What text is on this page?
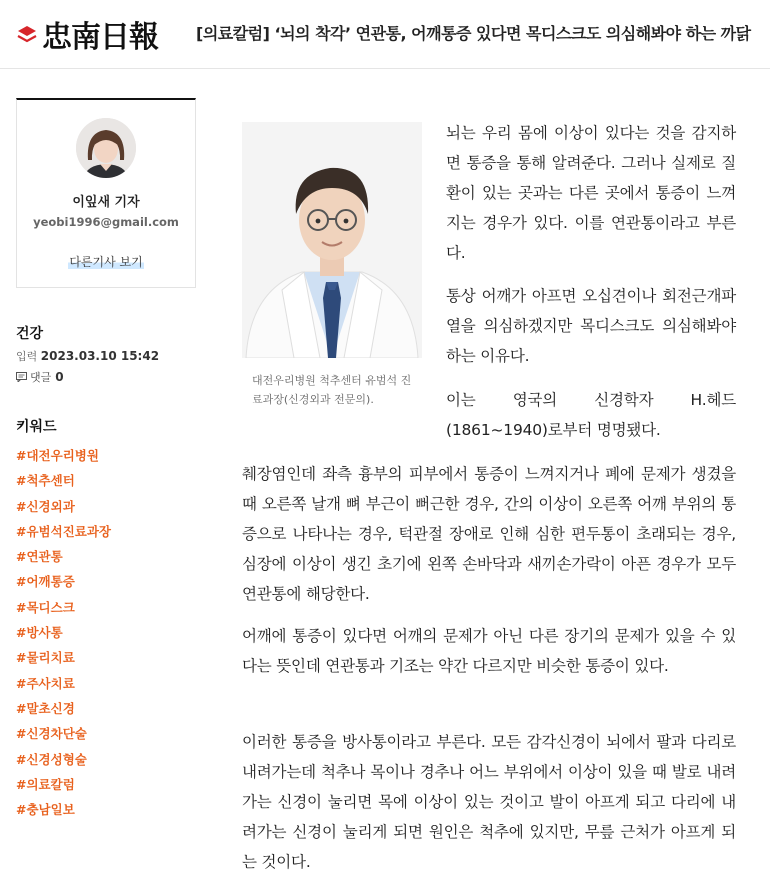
忠南日報 [의료칼럼] ‘뇌의 착각’ 연관통, 어깨통증 있다면 목디스크도 의심해봐야 하는 까닭
이잎새 기자
yeobi1996@gmail.com
다른기사 보기
건강
입력 2023.03.10 15:42
댓글 0
키워드
#대전우리병원
#척추센터
#신경외과
#유범석진료과장
#연관통
#어깨통증
#목디스크
#방사통
#물리치료
#주사치료
#말초신경
#신경차단술
#신경성형술
#의료칼럼
#충남일보
대전우리병원 척추센터 유범석 진료과장(신경외과 전문의).

뇌는 우리 몸에 이상이 있다는 것을 감지하면 통증을 통해 알려준다. 그러나 실제로 질환이 있는 곳과는 다른 곳에서 통증이 느껴지는 경우가 있다. 이를 연관통이라고 부른다.

통상 어깨가 아프면 오십견이나 회전근개파열을 의심하겠지만 목디스크도 의심해봐야 하는 이유다.

이는 영국의 신경학자 H.헤드

(1861~1940)로부터 명명됐다.

췌장염인데 좌측 흉부의 피부에서 통증이 느껴지거나 폐에 문제가 생겼을 때 오른쪽 날개 뼈 부근이 뻐근한 경우, 간의 이상이 오른쪽 어깨 부위의 통증으로 나타나는 경우, 턱관절 장애로 인해 심한 편두통이 초래되는 경우, 심장에 이상이 생긴 초기에 왼쪽 손바닥과 새끼손가락이 아픈 경우가 모두 연관통에 해당한다.

어깨에 통증이 있다면 어깨의 문제가 아닌 다른 장기의 문제가 있을 수 있다는 뜻인데 연관통과 기조는 약간 다르지만 비슷한 통증이 있다.

이러한 통증을 방사통이라고 부른다. 모든 감각신경이 뇌에서 팔과 다리로 내려가는데 척추나 목이나 경추나 어느 부위에서 이상이 있을 때 발로 내려가는 신경이 눌리면 목에 이상이 있는 것이고 발이 아프게 되고 다리에 내려가는 신경이 눌리게 되면 원인은 척추에 있지만, 무릎 근처가 아프게 되는 것이다.
